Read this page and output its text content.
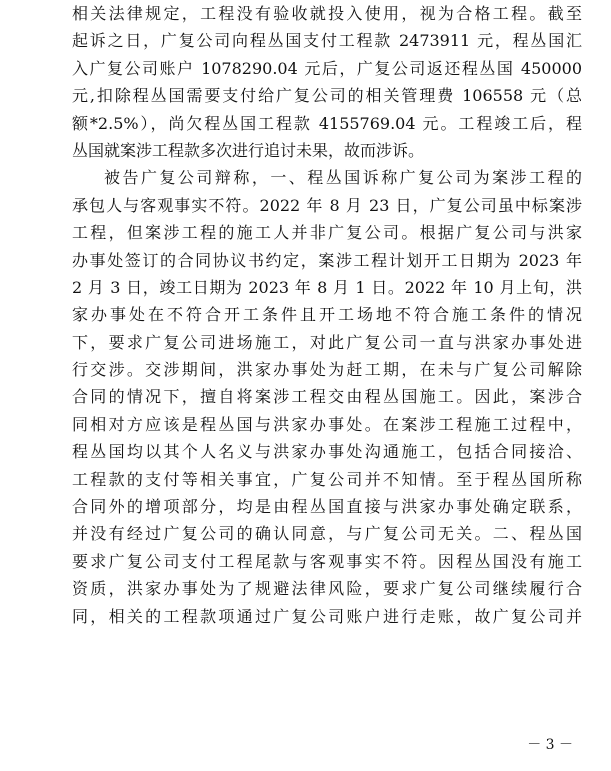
相关法律规定，工程没有验收就投入使用，视为合格工程。截至
起诉之日，广复公司向程丛国支付工程款 2473911 元，程丛国汇
入广复公司账户 1078290.04 元后，广复公司返还程丛国 450000
元,扣除程丛国需要支付给广复公司的相关管理费 106558 元（总
额*2.5%），尚欠程丛国工程款 4155769.04 元。工程竣工后，程
丛国就案涉工程款多次进行追讨未果，故而涉诉。
被告广复公司辩称，一、程丛国诉称广复公司为案涉工程的
承包人与客观事实不符。2022 年 8 月 23 日，广复公司虽中标案涉
工程，但案涉工程的施工人并非广复公司。根据广复公司与洪家
办事处签订的合同协议书约定，案涉工程计划开工日期为 2023 年
2 月 3 日，竣工日期为 2023 年 8 月 1 日。2022 年 10 月上旬，洪
家办事处在不符合开工条件且开工场地不符合施工条件的情况
下，要求广复公司进场施工，对此广复公司一直与洪家办事处进
行交涉。交涉期间，洪家办事处为赶工期，在未与广复公司解除
合同的情况下，擅自将案涉工程交由程丛国施工。因此，案涉合
同相对方应该是程丛国与洪家办事处。在案涉工程施工过程中，
程丛国均以其个人名义与洪家办事处沟通施工，包括合同接洽、
工程款的支付等相关事宜，广复公司并不知情。至于程丛国所称
合同外的增项部分，均是由程丛国直接与洪家办事处确定联系，
并没有经过广复公司的确认同意，与广复公司无关。二、程丛国
要求广复公司支付工程尾款与客观事实不符。因程丛国没有施工
资质，洪家办事处为了规避法律风险，要求广复公司继续履行合
同，相关的工程款项通过广复公司账户进行走账，故广复公司并
－ 3 －
